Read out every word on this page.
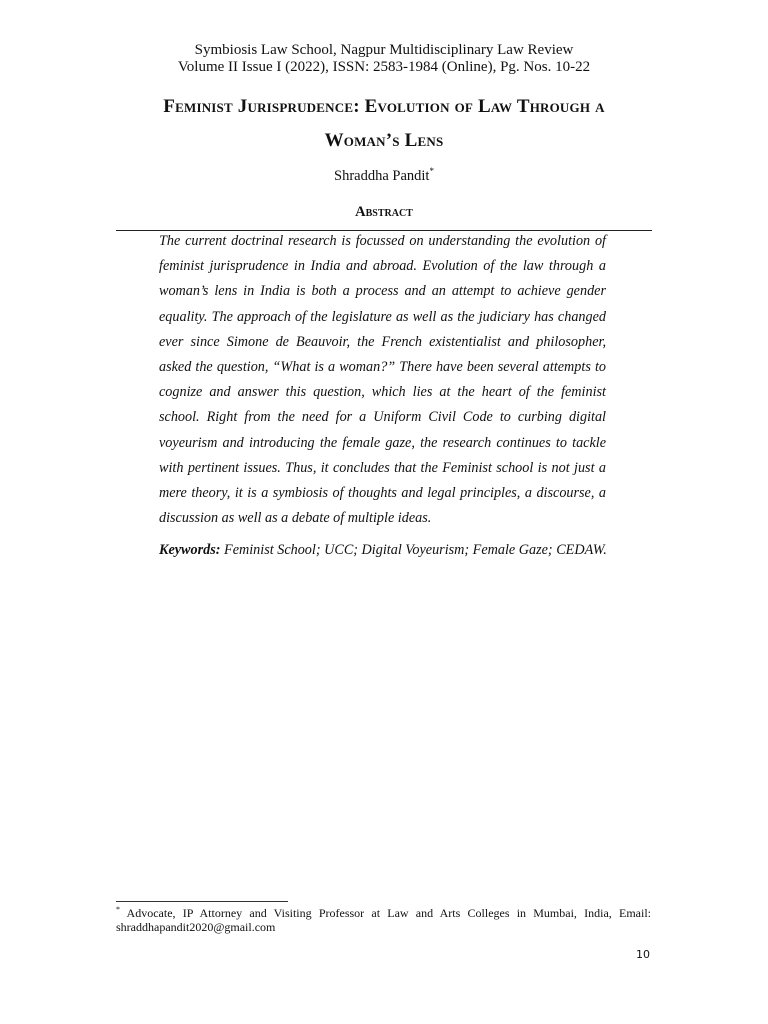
Symbiosis Law School, Nagpur Multidisciplinary Law Review
Volume II Issue I (2022), ISSN: 2583-1984 (Online), Pg. Nos. 10-22
Feminist Jurisprudence: Evolution of Law Through a
Woman’s Lens
Shraddha Pandit*
Abstract
The current doctrinal research is focussed on understanding the evolution of feminist jurisprudence in India and abroad. Evolution of the law through a woman’s lens in India is both a process and an attempt to achieve gender equality. The approach of the legislature as well as the judiciary has changed ever since Simone de Beauvoir, the French existentialist and philosopher, asked the question, “What is a woman?” There have been several attempts to cognize and answer this question, which lies at the heart of the feminist school. Right from the need for a Uniform Civil Code to curbing digital voyeurism and introducing the female gaze, the research continues to tackle with pertinent issues. Thus, it concludes that the Feminist school is not just a mere theory, it is a symbiosis of thoughts and legal principles, a discourse, a discussion as well as a debate of multiple ideas.
Keywords: Feminist School; UCC; Digital Voyeurism; Female Gaze; CEDAW.
* Advocate, IP Attorney and Visiting Professor at Law and Arts Colleges in Mumbai, India, Email: shraddhapandit2020@gmail.com
10
